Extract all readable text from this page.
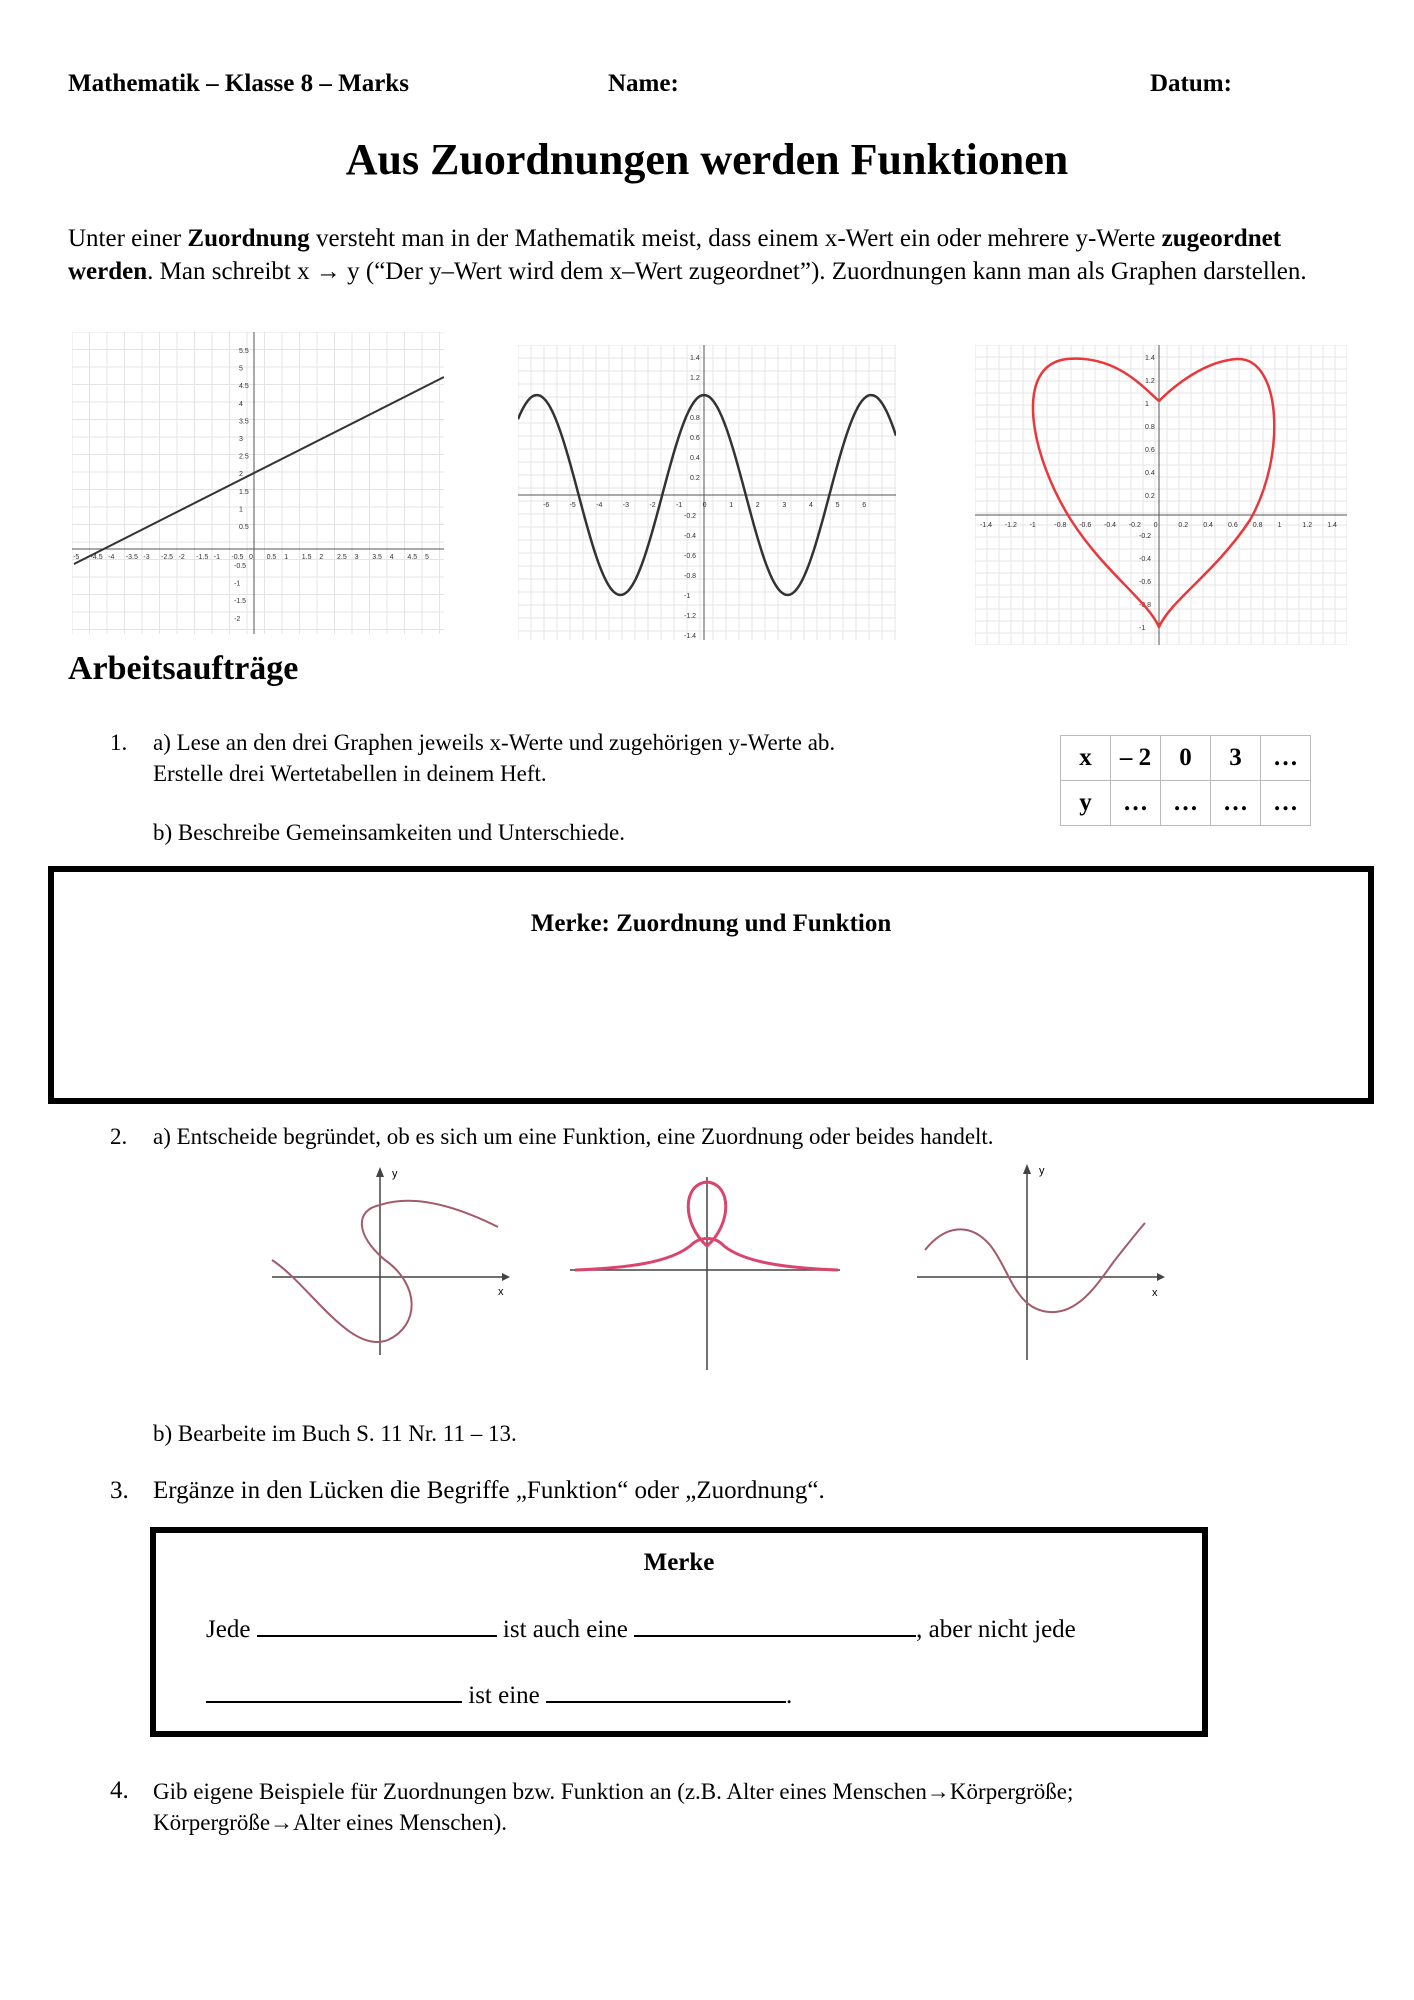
Mathematik – Klasse 8 – Marks	Name:	Datum:
Aus Zuordnungen werden Funktionen
Unter einer Zuordnung versteht man in der Mathematik meist, dass einem x-Wert ein oder mehrere y-Werte zugeordnet werden. Man schreibt x → y (“Der y–Wert wird dem x–Wert zugeordnet”). Zuordnungen kann man als Graphen darstellen.
-5 -4.5 -4 -3.5 -3 -2.5 -2 -1.5 -1 -0.5 0 0.5 1 1.5 2 2.5 3 3.5 4 4.5 5
5.5
5
4.5
4
3.5
3
2.5
2
1.5
1
0.5
-0.5
-1
-1.5
-2
-6	-5	-4	-3	-2	-1	0	1	2	3	4	5	6
1.4
1.2
0.8
0.6
0.4
0.2
-0.2
-0.4
-0.6
-0.8
-1
-1.2
-1.4
-1.4 -1.2 -1	-0.8 -0.6 -0.4 -0.2 0	0.2 0.4 0.6 0.8 1	1.2 1.4
1.4
1.2
1
0.8
0.6
0.4
0.2
-0.2
-0.4
-0.6
-0.8
-1
Arbeitsaufträge
1. a) Lese an den drei Graphen jeweils x-Werte und zugehörigen y-Werte ab.
Erstelle drei Wertetabellen in deinem Heft.
b) Beschreibe Gemeinsamkeiten und Unterschiede.
x	– 2	0	3	…
y	…	…	…	…
Merke: Zuordnung und Funktion
2. a) Entscheide begründet, ob es sich um eine Funktion, eine Zuordnung oder beides handelt.
y
x
y
x
b) Bearbeite im Buch S. 11 Nr. 11 – 13.
3. Ergänze in den Lücken die Begriffe „Funktion“ oder „Zuordnung“.
Merke
Jede	ist auch eine	, aber nicht jede
ist eine	.
4. Gib eigene Beispiele für Zuordnungen bzw. Funktion an (z.B. Alter eines Menschen→Körpergröße;
Körpergröße→Alter eines Menschen).
